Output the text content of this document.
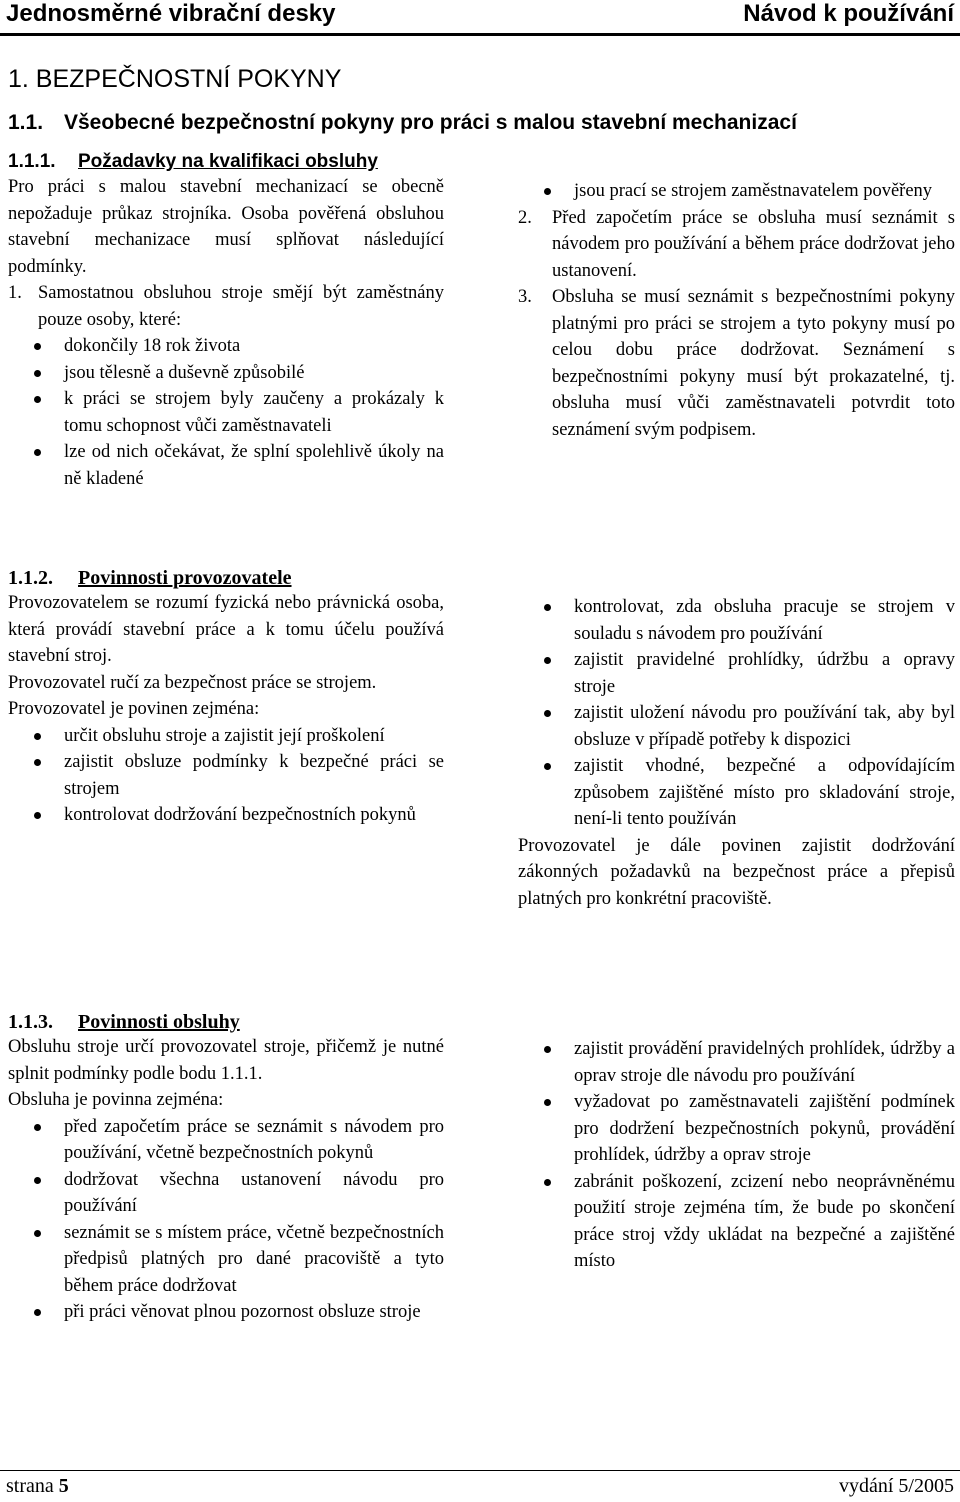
Jednosměrné vibrační desky	Návod k používání
1. BEZPEČNOSTNÍ POKYNY
1.1. Všeobecné bezpečnostní pokyny pro práci s malou stavební mechanizací
1.1.1. Požadavky na kvalifikaci obsluhy

Pro práci s malou stavební mechanizací se obecně nepožaduje průkaz strojníka. Osoba pověřená obsluhou stavební mechanizace musí splňovat následující podmínky.

1. Samostatnou obsluhou stroje smějí být zaměstnány pouze osoby, které:

dokončily 18 rok života
jsou tělesně a duševně způsobilé
k práci se strojem byly zaučeny a prokázaly k tomu schopnost vůči zaměstnavateli
lze od nich očekávat, že splní spolehlivě úkoly na ně kladené
jsou prací se strojem zaměstnavatelem pověřeny
2. Před započetím práce se obsluha musí seznámit s návodem pro používání a během práce dodržovat jeho ustanovení.
3. Obsluha se musí seznámit s bezpečnostními pokyny platnými pro práci se strojem a tyto pokyny musí po celou dobu práce dodržovat. Seznámení s bezpečnostními pokyny musí být prokazatelné, tj. obsluha musí vůči zaměstnavateli potvrdit toto seznámení svým podpisem.
1.1.2. Povinnosti provozovatele

Provozovatelem se rozumí fyzická nebo právnická osoba, která provádí stavební práce a k tomu účelu používá stavební stroj.

Provozovatel ručí za bezpečnost práce se strojem.

Provozovatel je povinen zejména:

určit obsluhu stroje a zajistit její proškolení
zajistit obsluze podmínky k bezpečné práci se strojem
kontrolovat dodržování bezpečnostních pokynů
kontrolovat, zda obsluha pracuje se strojem v souladu s návodem pro používání
zajistit pravidelné prohlídky, údržbu a opravy stroje
zajistit uložení návodu pro používání tak, aby byl obsluze v případě potřeby k dispozici
zajistit vhodné, bezpečné a odpovídajícím způsobem zajištěné místo pro skladování stroje, není-li tento používán

Provozovatel je dále povinen zajistit dodržování zákonných požadavků na bezpečnost práce a přepisů platných pro konkrétní pracoviště.

1.1.3. Povinnosti obsluhy

Obsluhu stroje určí provozovatel stroje, přičemž je nutné splnit podmínky podle bodu 1.1.1.

Obsluha je povinna zejména:

před započetím práce se seznámit s návodem pro používání, včetně bezpečnostních pokynů
dodržovat všechna ustanovení návodu pro používání
seznámit se s místem práce, včetně bezpečnostních předpisů platných pro dané pracoviště a tyto během práce dodržovat
při práci věnovat plnou pozornost obsluze stroje
zajistit provádění pravidelných prohlídek, údržby a oprav stroje dle návodu pro používání
vyžadovat po zaměstnavateli zajištění podmínek pro dodržení bezpečnostních pokynů, provádění prohlídek, údržby a oprav stroje
zabránit poškození, zcizení nebo neoprávněnému použití stroje zejména tím, že bude po skončení práce stroj vždy ukládat na bezpečné a zajištěné místo
strana 5	vydání 5/2005
